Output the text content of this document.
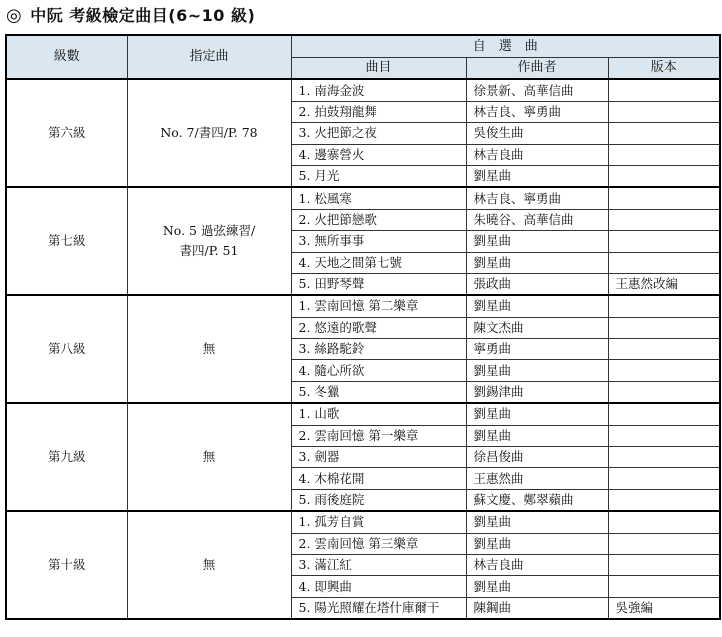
◎ 中阮 考級檢定曲目(6~10 級)
級數	指定曲	自　選　曲		
		曲目	作曲者	版本
第六級	No. 7/書四/P. 78	1. 南海金波	徐景新、高華信曲	
		2. 拍鼓翔龍舞	林吉良、寧勇曲	
		3. 火把節之夜	吳俊生曲	
		4. 邊寨營火	林吉良曲	
		5. 月光	劉星曲	
第七級	No. 5 過弦練習/
書四/P. 51	1. 松風寒	林吉良、寧勇曲	
		2. 火把節戀歌	朱曉谷、高華信曲	
		3. 無所事事	劉星曲	
		4. 天地之間第七號	劉星曲	
		5. 田野琴聲	張政曲	王惠然改編
第八級	無	1. 雲南回憶 第二樂章	劉星曲	
		2. 悠遠的歌聲	陳文杰曲	
		3. 絲路駝鈴	寧勇曲	
		4. 隨心所欲	劉星曲	
		5. 冬獵	劉錫津曲	
第九級	無	1. 山歌	劉星曲	
		2. 雲南回憶 第一樂章	劉星曲	
		3. 劍器	徐昌俊曲	
		4. 木棉花開	王惠然曲	
		5. 雨後庭院	蘇文慶、鄭翠蘋曲	
第十級	無	1. 孤芳自賞	劉星曲	
		2. 雲南回憶 第三樂章	劉星曲	
		3. 滿江紅	林吉良曲	
		4. 即興曲	劉星曲	
		5. 陽光照耀在塔什庫爾干	陳鋼曲	吳強編
